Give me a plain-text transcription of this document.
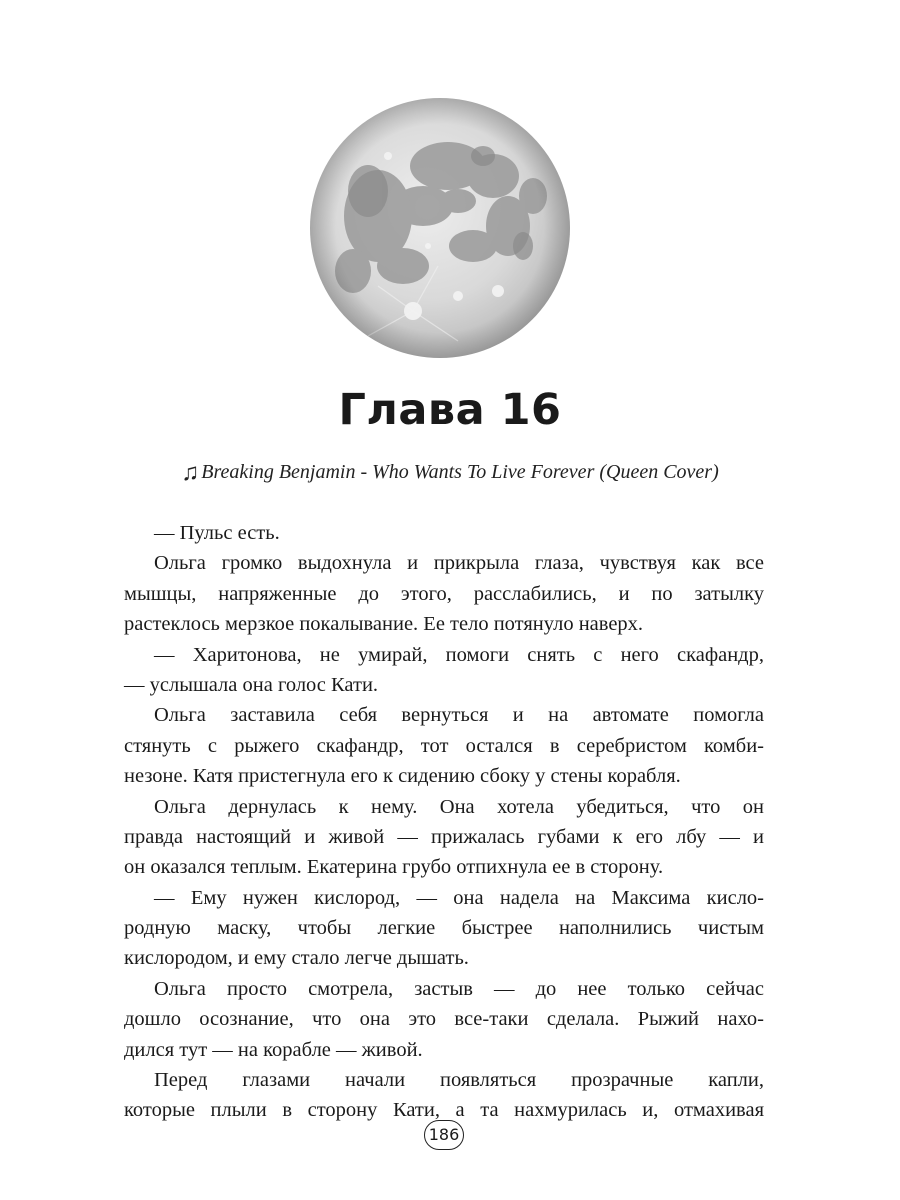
Глава 16
♫ Breaking Benjamin - Who Wants To Live Forever (Queen Cover)
— Пульс есть.
Ольга громко выдохнула и прикрыла глаза, чувствуя как все
мышцы, напряженные до этого, расслабились, и по затылку
растеклось мерзкое покалывание. Ее тело потянуло наверх.
— Харитонова, не умирай, помоги снять с него скафандр,
— услышала она голос Кати.
Ольга заставила себя вернуться и на автомате помогла
стянуть с рыжего скафандр, тот остался в серебристом комби-
незоне. Катя пристегнула его к сидению сбоку у стены корабля.
Ольга дернулась к нему. Она хотела убедиться, что он
правда настоящий и живой — прижалась губами к его лбу — и
он оказался теплым. Екатерина грубо отпихнула ее в сторону.
— Ему нужен кислород, — она надела на Максима кисло-
родную маску, чтобы легкие быстрее наполнились чистым
кислородом, и ему стало легче дышать.
Ольга просто смотрела, застыв — до нее только сейчас
дошло осознание, что она это все-таки сделала. Рыжий нахо-
дился тут — на корабле — живой.
Перед глазами начали появляться прозрачные капли,
которые плыли в сторону Кати, а та нахмурилась и, отмахивая
186
